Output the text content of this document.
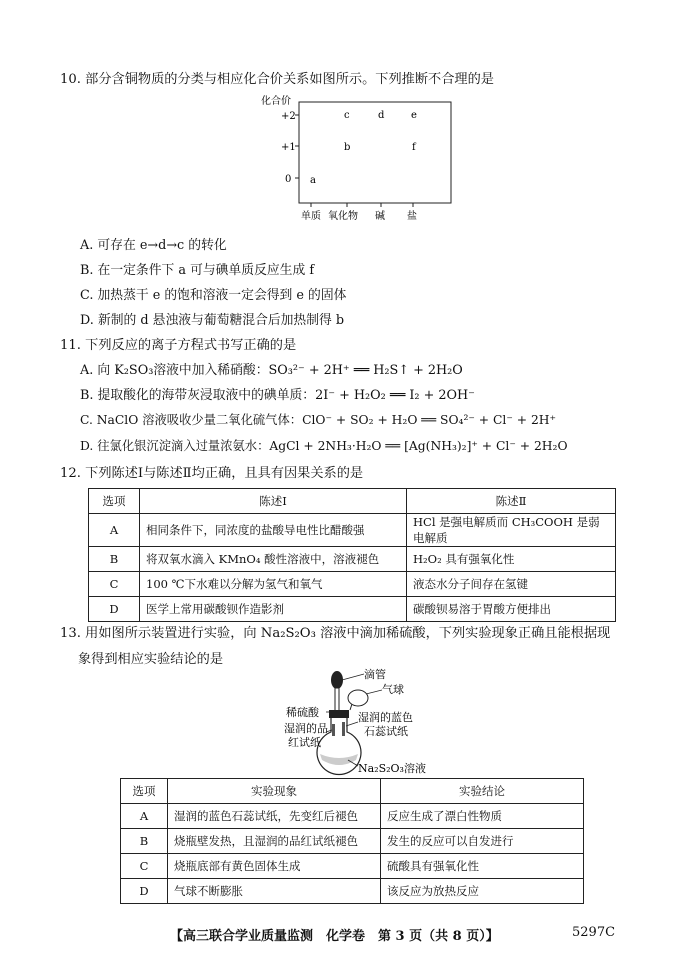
10. 部分含铜物质的分类与相应化合价关系如图所示。下列推断不合理的是
化合价
+2
+1
0
c	d	e
b	f
a
单质 氧化物 碱 盐
A. 可存在 e→d→c 的转化
B. 在一定条件下 a 可与碘单质反应生成 f
C. 加热蒸干 e 的饱和溶液一定会得到 e 的固体
D. 新制的 d 悬浊液与葡萄糖混合后加热制得 b
11. 下列反应的离子方程式书写正确的是
A. 向 K₂SO₃溶液中加入稀硝酸：SO₃²⁻ + 2H⁺ ══ H₂S↑ + 2H₂O
B. 提取酸化的海带灰浸取液中的碘单质：2I⁻ + H₂O₂ ══ I₂ + 2OH⁻
C. NaClO 溶液吸收少量二氧化硫气体：ClO⁻ + SO₂ + H₂O ══ SO₄²⁻ + Cl⁻ + 2H⁺
D. 往氯化银沉淀滴入过量浓氨水：AgCl + 2NH₃·H₂O ══ [Ag(NH₃)₂]⁺ + Cl⁻ + 2H₂O
12. 下列陈述Ⅰ与陈述Ⅱ均正确，且具有因果关系的是
选项	陈述Ⅰ	陈述Ⅱ
A	相同条件下，同浓度的盐酸导电性比醋酸强	HCl 是强电解质而 CH₃COOH 是弱电解质
B	将双氧水滴入 KMnO₄ 酸性溶液中，溶液褪色	H₂O₂ 具有强氧化性
C	100 ℃下水难以分解为氢气和氧气	液态水分子间存在氢键
D	医学上常用碳酸钡作造影剂	碳酸钡易溶于胃酸方便排出
13. 用如图所示装置进行实验，向 Na₂S₂O₃ 溶液中滴加稀硫酸，下列实验现象正确且能根据现
象得到相应实验结论的是
滴管
气球
稀硫酸	湿润的蓝色
石蕊试纸
湿润的品
红试纸
Na₂S₂O₃溶液
选项	实验现象	实验结论
A	湿润的蓝色石蕊试纸，先变红后褪色	反应生成了漂白性物质
B	烧瓶壁发热，且湿润的品红试纸褪色	发生的反应可以自发进行
C	烧瓶底部有黄色固体生成	硫酸具有强氧化性
D	气球不断膨胀	该反应为放热反应
【高三联合学业质量监测　化学卷　第 3 页（共 8 页）】	5297C
